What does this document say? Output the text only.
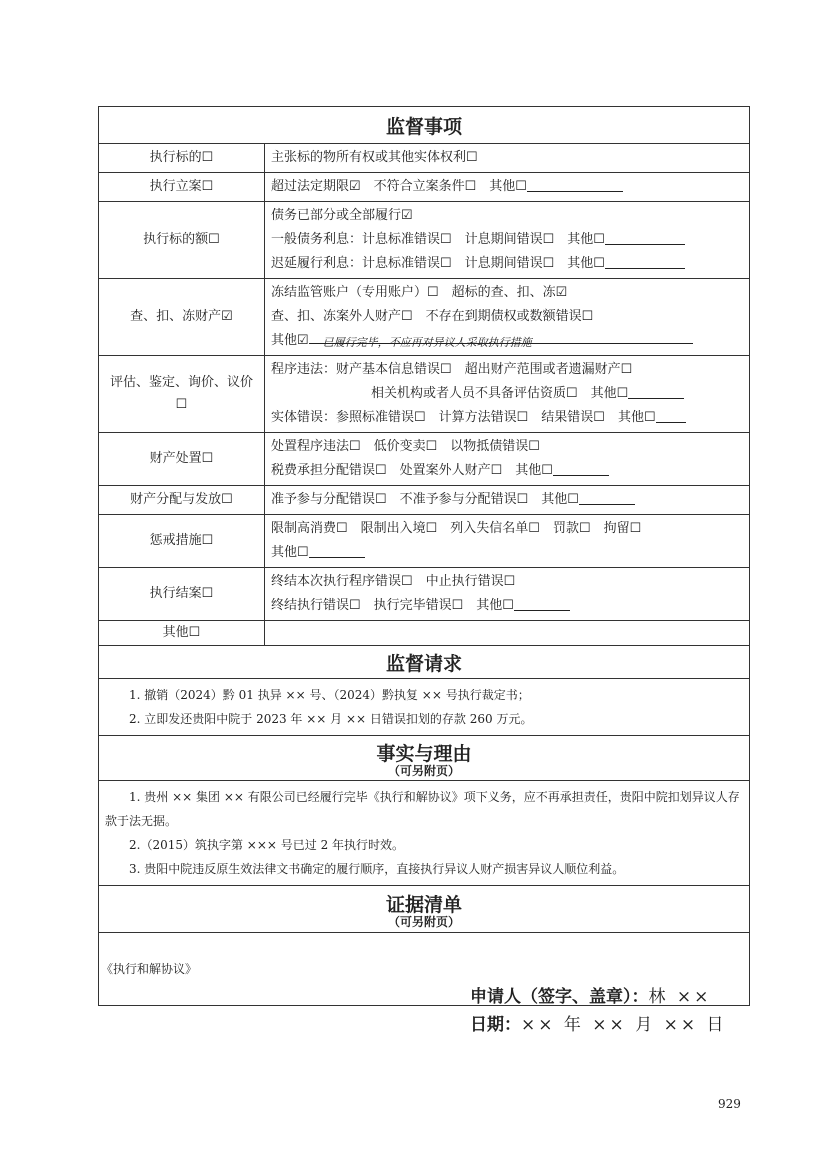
监督事项	
执行标的☐	主张标的物所有权或其他实体权利☐

执行立案☐	超过法定期限☑　不符合立案条件☐　其他☐

执行标的额☐	债务已部分或全部履行☑
一般债务利息：计息标准错误☐　计息期间错误☐　其他☐
迟延履行利息：计息标准错误☐　计息期间错误☐　其他☐

查、扣、冻财产☑	冻结监管账户（专用账户）☐　超标的查、扣、冻☑
查、扣、冻案外人财产☐　不存在到期债权或数额错误☐
其他☑ 已履行完毕，不应再对异议人采取执行措施

评估、鉴定、询价、议价☐	程序违法：财产基本信息错误☐　超出财产范围或者遗漏财产☐
相关机构或者人员不具备评估资质☐　其他☐
实体错误：参照标准错误☐　计算方法错误☐　结果错误☐　其他☐

财产处置☐	处置程序违法☐　低价变卖☐　以物抵债错误☐
税费承担分配错误☐　处置案外人财产☐　其他☐

财产分配与发放☐	准予参与分配错误☐　不准予参与分配错误☐　其他☐

惩戒措施☐	限制高消费☐　限制出入境☐　列入失信名单☐　罚款☐　拘留☐
其他☐

执行结案☐	终结本次执行程序错误☐　中止执行错误☐
终结执行错误☐　执行完毕错误☐　其他☐

其他☐	
监督请求	

1. 撤销（2024）黔 01 执异 ×× 号、（2024）黔执复 ×× 号执行裁定书；
2. 立即发还贵阳中院于 2023 年 ×× 月 ×× 日错误扣划的存款 260 万元。	

事实与理由
（可另附页）	

1. 贵州 ×× 集团 ×× 有限公司已经履行完毕《执行和解协议》项下义务，应不再承担责任，贵阳中院扣划异议人存款于法无据。
2.（2015）筑执字第 ××× 号已过 2 年执行时效。
3. 贵阳中院违反原生效法律文书确定的履行顺序，直接执行异议人财产损害异议人顺位利益。	

证据清单
（可另附页）	

《执行和解协议》	
申请人（签字、盖章）：林 ××
日期：×× 年 ×× 月 ×× 日
929
